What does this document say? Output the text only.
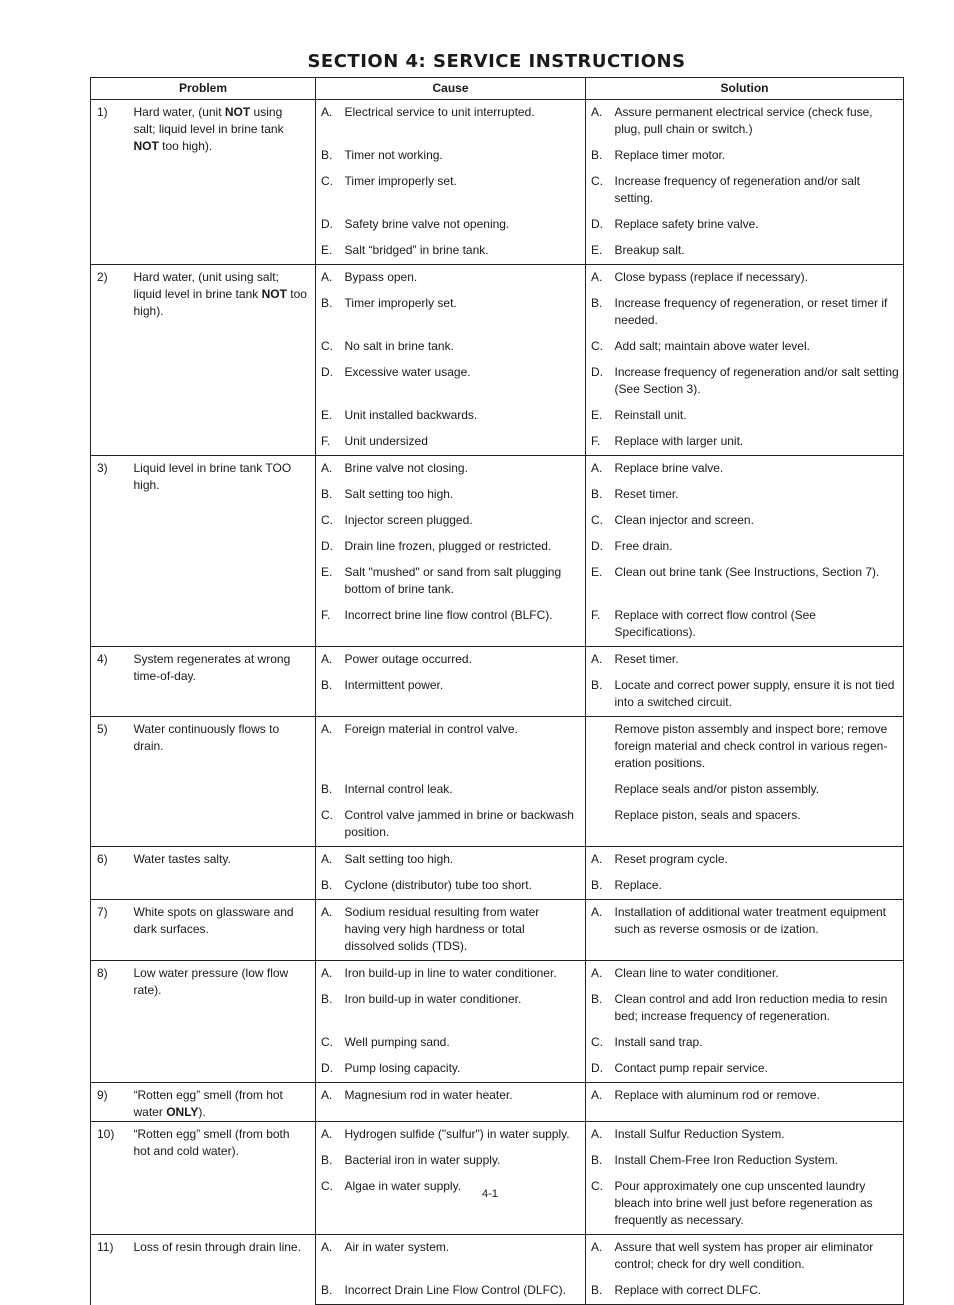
SECTION 4: SERVICE INSTRUCTIONS
Problem		Cause		Solution	
1)	Hard water, (unit NOT using salt; liquid level in brine tank NOT too high).	A.	Electrical service to unit interrupted.	A.	Assure permanent electrical service (check fuse, plug, pull chain or switch.)
		B.	Timer not working.	B.	Replace timer motor.
		C.	Timer improperly set.	C.	Increase frequency of regeneration and/or salt setting.
		D.	Safety brine valve not opening.	D.	Replace safety brine valve.
		E.	Salt “bridged” in brine tank.	E.	Breakup salt.
2)	Hard water, (unit using salt; liquid level in brine tank NOT too high).	A.	Bypass open.	A.	Close bypass (replace if necessary).
		B.	Timer improperly set.	B.	Increase frequency of regeneration, or reset timer if needed.
		C.	No salt in brine tank.	C.	Add salt; maintain above water level.
		D.	Excessive water usage.	D.	Increase frequency of regeneration and/or salt setting (See Section 3).
		E.	Unit installed backwards.	E.	Reinstall unit.
		F.	Unit undersized	F.	Replace with larger unit.
3)	Liquid level in brine tank TOO high.	A.	Brine valve not closing.	A.	Replace brine valve.
		B.	Salt setting too high.	B.	Reset timer.
		C.	Injector screen plugged.	C.	Clean injector and screen.
		D.	Drain line frozen, plugged or restricted.	D.	Free drain.
		E.	Salt "mushed" or sand from salt plugging bottom of brine tank.	E.	Clean out brine tank (See Instructions, Section 7).
		F.	Incorrect brine line flow control (BLFC).	F.	Replace with correct flow control (See Specifications).
4)	System regenerates at wrong time-of-day.	A.	Power outage occurred.	A.	Reset timer.
		B.	Intermittent power.	B.	Locate and correct power supply, ensure it is not tied into a switched circuit.
5)	Water continuously flows to drain.	A.	Foreign material in control valve.		Remove piston assembly and inspect bore; remove foreign material and check control in various regen-eration positions.
		B.	Internal control leak.		Replace seals and/or piston assembly.
		C.	Control valve jammed in brine or backwash position.		Replace piston, seals and spacers.
6)	Water tastes salty.	A.	Salt setting too high.	A.	Reset program cycle.
		B.	Cyclone (distributor) tube too short.	B.	Replace.
7)	White spots on glassware and dark surfaces.	A.	Sodium residual resulting from water having very high hardness or total dissolved solids (TDS).	A.	Installation of additional water treatment equipment such as reverse osmosis or de ization.
8)	Low water pressure (low flow rate).	A.	Iron build-up in line to water conditioner.	A.	Clean line to water conditioner.
		B.	Iron build-up in water conditioner.	B.	Clean control and add Iron reduction media to resin bed; increase frequency of regeneration.
		C.	Well pumping sand.	C.	Install sand trap.
		D.	Pump losing capacity.	D.	Contact pump repair service.
9)	“Rotten egg” smell (from hot water ONLY).	A.	Magnesium rod in water heater.	A.	Replace with aluminum rod or remove.
10)	“Rotten egg” smell (from both hot and cold water).	A.	Hydrogen sulfide ("sulfur") in water supply.	A.	Install Sulfur Reduction System.
		B.	Bacterial iron in water supply.	B.	Install Chem-Free Iron Reduction System.
		C.	Algae in water supply.	C.	Pour approximately one cup unscented laundry bleach into brine well just before regeneration as frequently as necessary.
11)	Loss of resin through drain line.	A.	Air in water system.	A.	Assure that well system has proper air eliminator control; check for dry well condition.
		B.	Incorrect Drain Line Flow Control (DLFC).	B.	Replace with correct DLFC.
4-1
